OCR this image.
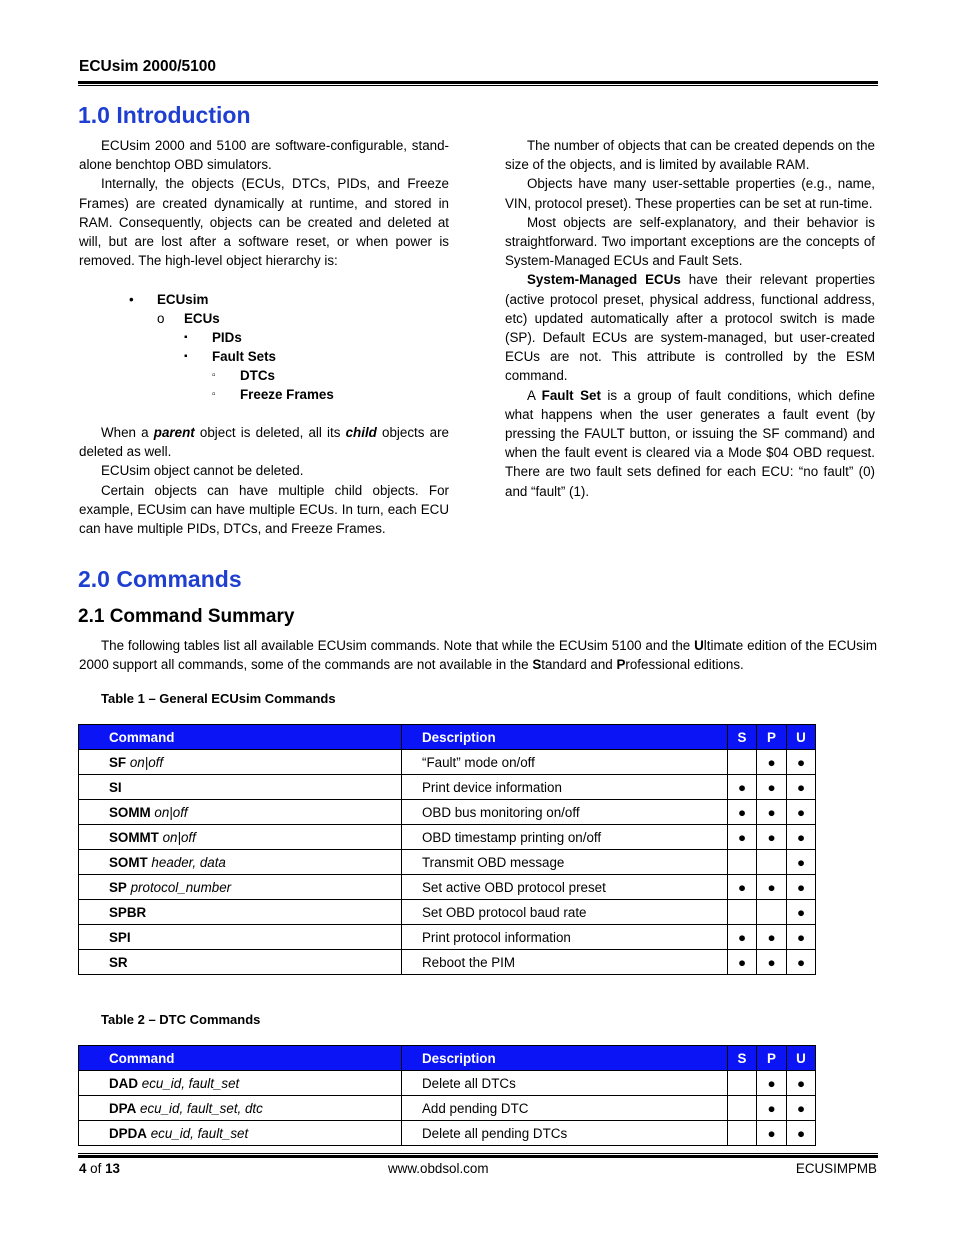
ECUsim 2000/5100
1.0 Introduction

ECUsim 2000 and 5100 are software-configurable, stand-alone benchtop OBD simulators.

Internally, the objects (ECUs, DTCs, PIDs, and Freeze Frames) are created dynamically at runtime, and stored in RAM. Consequently, objects can be created and deleted at will, but are lost after a software reset, or when power is removed. The high-level object hierarchy is:

• ECUsim
o ECUs
▪ PIDs
▪ Fault Sets
▫ DTCs
▫ Freeze Frames

When a parent object is deleted, all its child objects are deleted as well.

ECUsim object cannot be deleted.

Certain objects can have multiple child objects. For example, ECUsim can have multiple ECUs. In turn, each ECU can have multiple PIDs, DTCs, and Freeze Frames.

The number of objects that can be created depends on the size of the objects, and is limited by available RAM.

Objects have many user-settable properties (e.g., name, VIN, protocol preset). These properties can be set at run-time.

Most objects are self-explanatory, and their behavior is straightforward. Two important exceptions are the concepts of System-Managed ECUs and Fault Sets.

System-Managed ECUs have their relevant properties (active protocol preset, physical address, functional address, etc) updated automatically after a protocol switch is made (SP). Default ECUs are system-managed, but user-created ECUs are not. This attribute is controlled by the ESM command.

A Fault Set is a group of fault conditions, which define what happens when the user generates a fault event (by pressing the FAULT button, or issuing the SF command) and when the fault event is cleared via a Mode $04 OBD request. There are two fault sets defined for each ECU: “no fault” (0) and “fault” (1).

2.0 Commands
2.1 Command Summary

The following tables list all available ECUsim commands. Note that while the ECUsim 5100 and the Ultimate edition of the ECUsim 2000 support all commands, some of the commands are not available in the Standard and Professional editions.

Table 1 – General ECUsim Commands
Command	Description	S	P	U
SF on|off	“Fault” mode on/off		●	●
SI	Print device information	●	●	●
SOMM on|off	OBD bus monitoring on/off	●	●	●
SOMMT on|off	OBD timestamp printing on/off	●	●	●
SOMT header, data	Transmit OBD message			●
SP protocol_number	Set active OBD protocol preset	●	●	●
SPBR	Set OBD protocol baud rate			●
SPI	Print protocol information	●	●	●
SR	Reboot the PIM	●	●	●
Table 2 – DTC Commands
Command	Description	S	P	U
DAD ecu_id, fault_set	Delete all DTCs		●	●
DPA ecu_id, fault_set, dtc	Add pending DTC		●	●
DPDA ecu_id, fault_set	Delete all pending DTCs		●	●
4 of 13	www.obdsol.com	ECUSIMPMB
